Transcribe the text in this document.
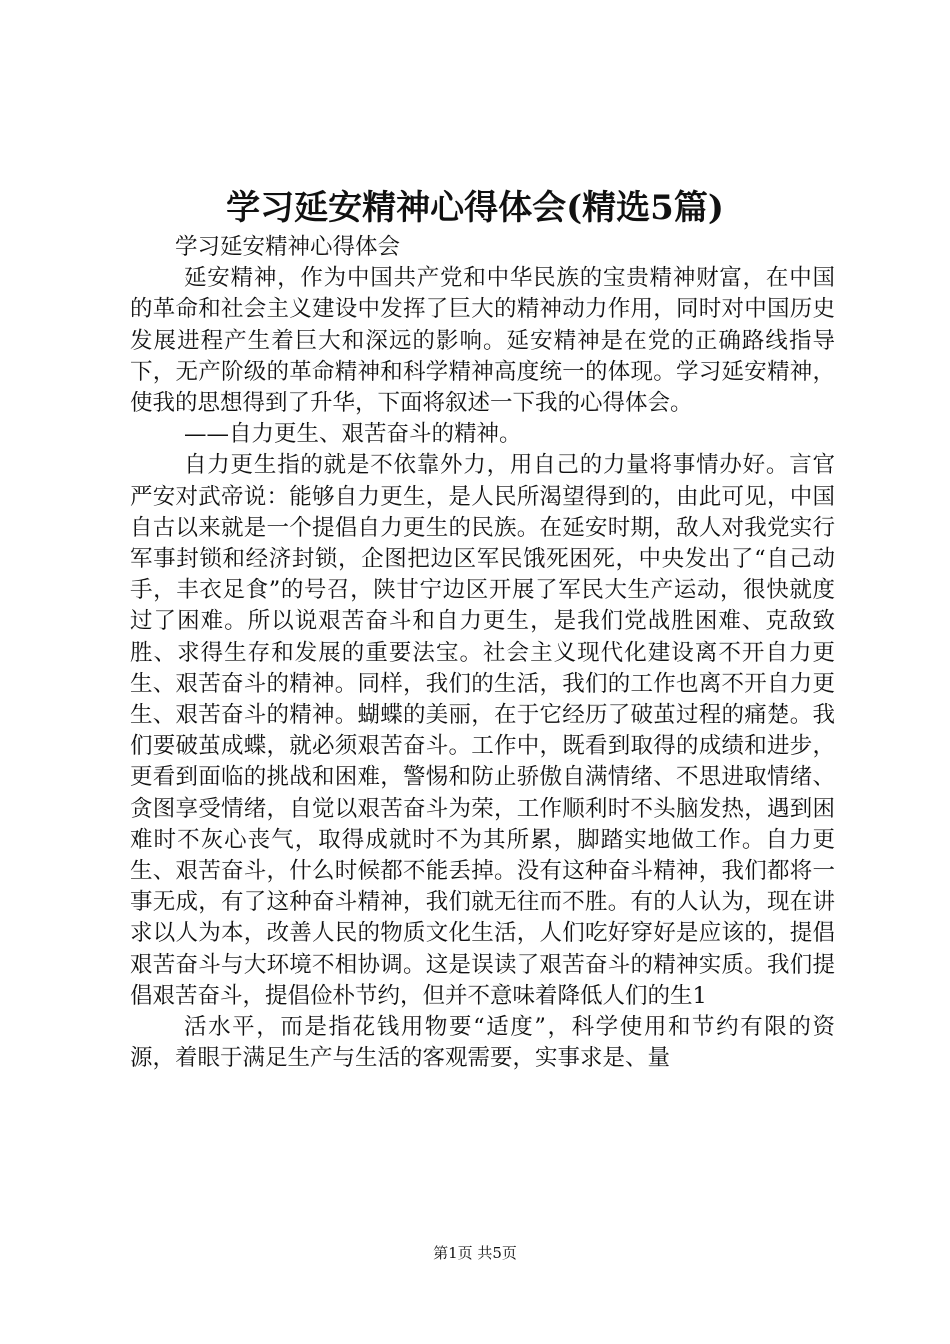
学习延安精神心得体会(精选5篇)

学习延安精神心得体会

延安精神，作为中国共产党和中华民族的宝贵精神财富，在中国的革命和社会主义建设中发挥了巨大的精神动力作用，同时对中国历史发展进程产生着巨大和深远的影响。延安精神是在党的正确路线指导下，无产阶级的革命精神和科学精神高度统一的体现。学习延安精神，使我的思想得到了升华，下面将叙述一下我的心得体会。

——自力更生、艰苦奋斗的精神。

自力更生指的就是不依靠外力，用自己的力量将事情办好。言官严安对武帝说：能够自力更生，是人民所渴望得到的，由此可见，中国自古以来就是一个提倡自力更生的民族。在延安时期，敌人对我党实行军事封锁和经济封锁，企图把边区军民饿死困死，中央发出了“自己动手，丰衣足食”的号召，陕甘宁边区开展了军民大生产运动，很快就度过了困难。所以说艰苦奋斗和自力更生，是我们党战胜困难、克敌致胜、求得生存和发展的重要法宝。社会主义现代化建设离不开自力更生、艰苦奋斗的精神。同样，我们的生活，我们的工作也离不开自力更生、艰苦奋斗的精神。蝴蝶的美丽，在于它经历了破茧过程的痛楚。我们要破茧成蝶，就必须艰苦奋斗。工作中，既看到取得的成绩和进步，更看到面临的挑战和困难，警惕和防止骄傲自满情绪、不思进取情绪、贪图享受情绪，自觉以艰苦奋斗为荣，工作顺利时不头脑发热，遇到困难时不灰心丧气，取得成就时不为其所累，脚踏实地做工作。自力更生、艰苦奋斗，什么时候都不能丢掉。没有这种奋斗精神，我们都将一事无成，有了这种奋斗精神，我们就无往而不胜。有的人认为，现在讲求以人为本，改善人民的物质文化生活，人们吃好穿好是应该的，提倡艰苦奋斗与大环境不相协调。这是误读了艰苦奋斗的精神实质。我们提倡艰苦奋斗，提倡俭朴节约，但并不意味着降低人们的生1

活水平，而是指花钱用物要“适度”，科学使用和节约有限的资源，着眼于满足生产与生活的客观需要，实事求是、量

第1页 共5页
